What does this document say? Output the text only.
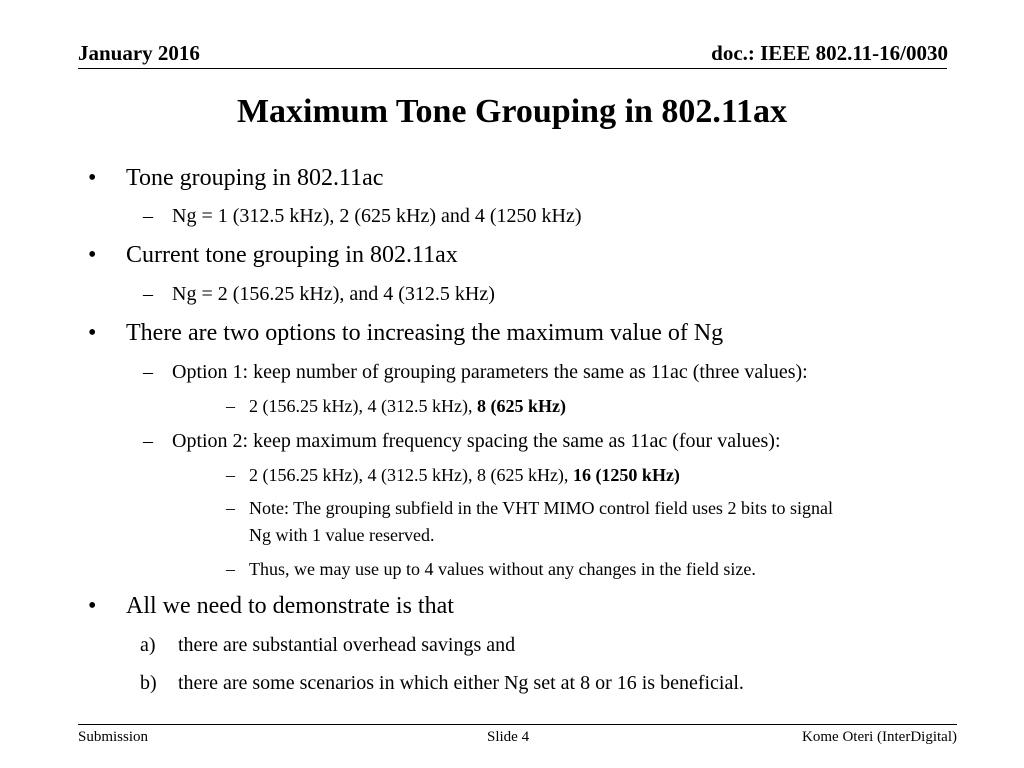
January 2016	doc.: IEEE 802.11-16/0030
Maximum Tone Grouping in 802.11ax
• Tone grouping in 802.11ac
– Ng = 1 (312.5 kHz), 2 (625 kHz) and 4 (1250 kHz)
• Current tone grouping in 802.11ax
– Ng = 2 (156.25 kHz), and 4 (312.5 kHz)
• There are two options to increasing the maximum value of Ng
– Option 1: keep number of grouping parameters the same as 11ac (three values):
– 2 (156.25 kHz), 4 (312.5 kHz), 8 (625 kHz)
– Option 2: keep maximum frequency spacing the same as 11ac (four values):
– 2 (156.25 kHz), 4 (312.5 kHz), 8 (625 kHz), 16 (1250 kHz)
– Note: The grouping subfield in the VHT MIMO control field uses 2 bits to signal
Ng with 1 value reserved.
– Thus, we may use up to 4 values without any changes in the field size.
• All we need to demonstrate is that
a) there are substantial overhead savings and
b) there are some scenarios in which either Ng set at 8 or 16 is beneficial.
Submission	Slide 4	Kome Oteri (InterDigital)
